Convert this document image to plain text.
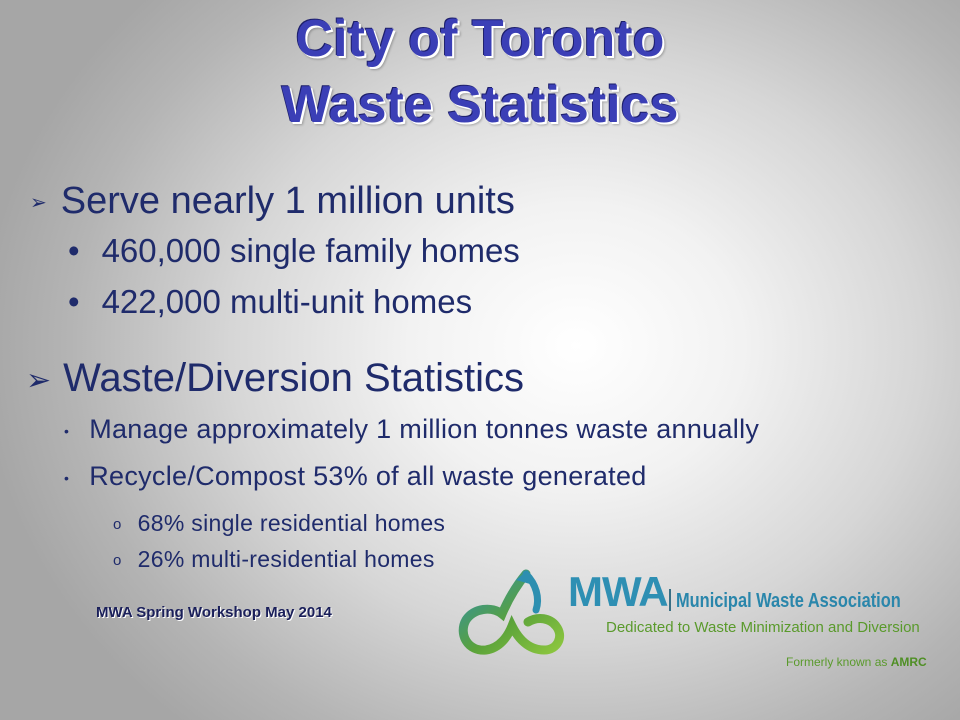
City of Toronto
Waste Statistics
➢ Serve nearly 1 million units
• 460,000 single family homes
• 422,000 multi-unit homes
➢ Waste/Diversion Statistics
• Manage approximately 1 million tonnes waste annually
• Recycle/Compost 53% of all waste generated
o 68% single residential homes
o 26% multi-residential homes
MWA Spring Workshop May 2014	MWA Municipal Waste Association
Dedicated to Waste Minimization and Diversion
Formerly known as AMRC
